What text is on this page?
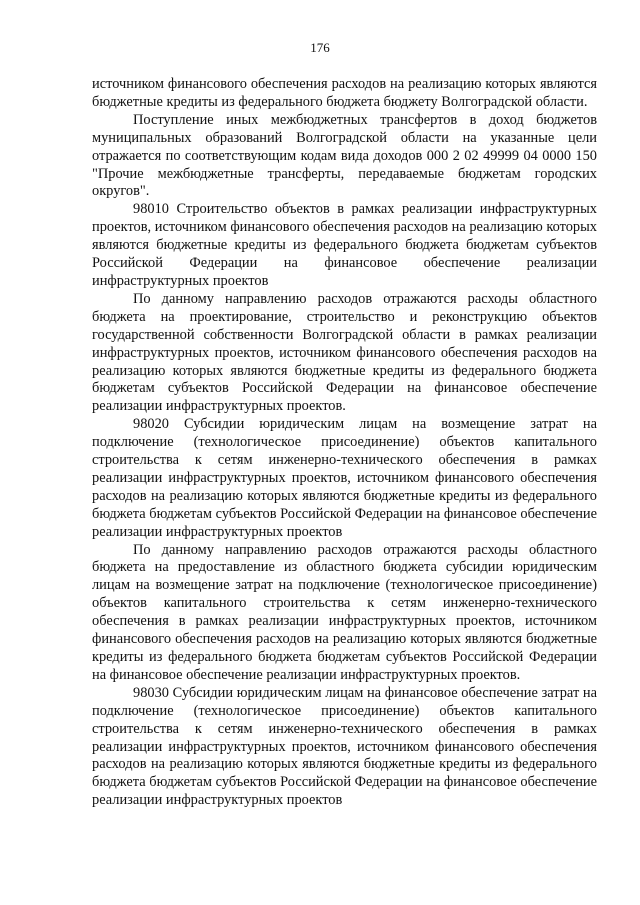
176

источником финансового обеспечения расходов на реализацию которых являются бюджетные кредиты из федерального бюджета бюджету Волгоградской области.

Поступление иных межбюджетных трансфертов в доход бюджетов муниципальных образований Волгоградской области на указанные цели отражается по соответствующим кодам вида доходов 000 2 02 49999 04 0000 150 "Прочие межбюджетные трансферты, передаваемые бюджетам городских округов".

98010 Строительство объектов в рамках реализации инфраструктурных проектов, источником финансового обеспечения расходов на реализацию которых являются бюджетные кредиты из федерального бюджета бюджетам субъектов Российской Федерации на финансовое обеспечение реализации инфраструктурных проектов

По данному направлению расходов отражаются расходы областного бюджета на проектирование, строительство и реконструкцию объектов государственной собственности Волгоградской области в рамках реализации инфраструктурных проектов, источником финансового обеспечения расходов на реализацию которых являются бюджетные кредиты из федерального бюджета бюджетам субъектов Российской Федерации на финансовое обеспечение реализации инфраструктурных проектов.

98020 Субсидии юридическим лицам на возмещение затрат на подключение (технологическое присоединение) объектов капитального строительства к сетям инженерно-технического обеспечения в рамках реализации инфраструктурных проектов, источником финансового обеспечения расходов на реализацию которых являются бюджетные кредиты из федерального бюджета бюджетам субъектов Российской Федерации на финансовое обеспечение реализации инфраструктурных проектов

По данному направлению расходов отражаются расходы областного бюджета на предоставление из областного бюджета субсидии юридическим лицам на возмещение затрат на подключение (технологическое присоединение) объектов капитального строительства к сетям инженерно-технического обеспечения в рамках реализации инфраструктурных проектов, источником финансового обеспечения расходов на реализацию которых являются бюджетные кредиты из федерального бюджета бюджетам субъектов Российской Федерации на финансовое обеспечение реализации инфраструктурных проектов.

98030 Субсидии юридическим лицам на финансовое обеспечение затрат на подключение (технологическое присоединение) объектов капитального строительства к сетям инженерно-технического обеспечения в рамках реализации инфраструктурных проектов, источником финансового обеспечения расходов на реализацию которых являются бюджетные кредиты из федерального бюджета бюджетам субъектов Российской Федерации на финансовое обеспечение реализации инфраструктурных проектов
